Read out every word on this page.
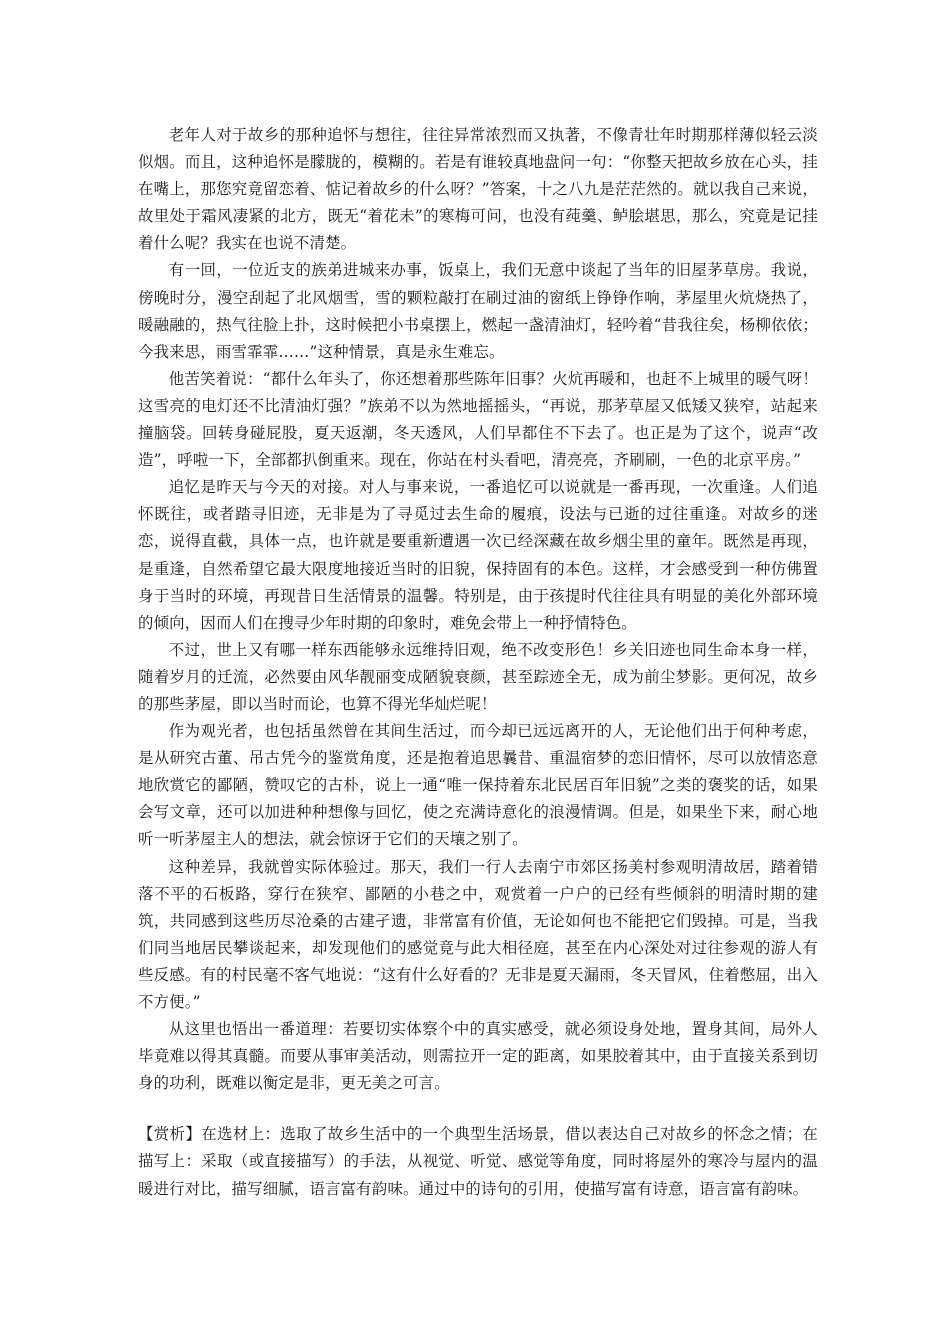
老年人对于故乡的那种追怀与想往，往往异常浓烈而又执著，不像青壮年时期那样薄似轻云淡似烟。而且，这种追怀是朦胧的，模糊的。若是有谁较真地盘问一句：“你整天把故乡放在心头，挂在嘴上，那您究竟留恋着、惦记着故乡的什么呀？”答案，十之八九是茫茫然的。就以我自己来说，故里处于霜风凄紧的北方，既无“着花未”的寒梅可问，也没有莼羹、鲈脍堪思，那么，究竟是记挂着什么呢？我实在也说不清楚。

有一回，一位近支的族弟进城来办事，饭桌上，我们无意中谈起了当年的旧屋茅草房。我说，傍晚时分，漫空刮起了北风烟雪，雪的颗粒敲打在刷过油的窗纸上铮铮作响，茅屋里火炕烧热了，暖融融的，热气往脸上扑，这时候把小书桌摆上，燃起一盏清油灯，轻吟着“昔我往矣，杨柳依依；今我来思，雨雪霏霏……”这种情景，真是永生难忘。

他苦笑着说：“都什么年头了，你还想着那些陈年旧事？火炕再暖和，也赶不上城里的暖气呀！这雪亮的电灯还不比清油灯强？”族弟不以为然地摇摇头，“再说，那茅草屋又低矮又狭窄，站起来撞脑袋。回转身碰屁股，夏天返潮，冬天透风，人们早都住不下去了。也正是为了这个，说声“改造”，呼啦一下，全部都扒倒重来。现在，你站在村头看吧，清亮亮，齐刷刷，一色的北京平房。”

追忆是昨天与今天的对接。对人与事来说，一番追忆可以说就是一番再现，一次重逢。人们追怀既往，或者踏寻旧迹，无非是为了寻觅过去生命的履痕，设法与已逝的过往重逢。对故乡的迷恋，说得直截，具体一点，也许就是要重新遭遇一次已经深藏在故乡烟尘里的童年。既然是再现，是重逢，自然希望它最大限度地接近当时的旧貌，保持固有的本色。这样，才会感受到一种仿佛置身于当时的环境，再现昔日生活情景的温馨。特别是，由于孩提时代往往具有明显的美化外部环境的倾向，因而人们在搜寻少年时期的印象时，难免会带上一种抒情特色。

不过，世上又有哪一样东西能够永远维持旧观，绝不改变形色！乡关旧迹也同生命本身一样，随着岁月的迁流，必然要由风华靓丽变成陋貌衰颜，甚至踪迹全无，成为前尘梦影。更何况，故乡的那些茅屋，即以当时而论，也算不得光华灿烂呢！

作为观光者，也包括虽然曾在其间生活过，而今却已远远离开的人，无论他们出于何种考虑，是从研究古董、吊古凭今的鉴赏角度，还是抱着追思曩昔、重温宿梦的恋旧情怀，尽可以放情恣意地欣赏它的鄙陋，赞叹它的古朴，说上一通“唯一保持着东北民居百年旧貌”之类的褒奖的话，如果会写文章，还可以加进种种想像与回忆，使之充满诗意化的浪漫情调。但是，如果坐下来，耐心地听一听茅屋主人的想法，就会惊讶于它们的天壤之别了。

这种差异，我就曾实际体验过。那天，我们一行人去南宁市郊区扬美村参观明清故居，踏着错落不平的石板路，穿行在狭窄、鄙陋的小巷之中，观赏着一户户的已经有些倾斜的明清时期的建筑，共同感到这些历尽沧桑的古建孑遗，非常富有价值，无论如何也不能把它们毁掉。可是，当我们同当地居民攀谈起来，却发现他们的感觉竟与此大相径庭，甚至在内心深处对过往参观的游人有些反感。有的村民毫不客气地说：“这有什么好看的？无非是夏天漏雨，冬天冒风，住着憋屈，出入不方便。”

从这里也悟出一番道理：若要切实体察个中的真实感受，就必须设身处地，置身其间，局外人毕竟难以得其真髓。而要从事审美活动，则需拉开一定的距离，如果胶着其中，由于直接关系到切身的功利，既难以衡定是非，更无美之可言。

【赏析】在选材上：选取了故乡生活中的一个典型生活场景，借以表达自己对故乡的怀念之情；在描写上：采取（或直接描写）的手法，从视觉、听觉、感觉等角度，同时将屋外的寒冷与屋内的温暖进行对比，描写细腻，语言富有韵味。通过中的诗句的引用，使描写富有诗意，语言富有韵味。
